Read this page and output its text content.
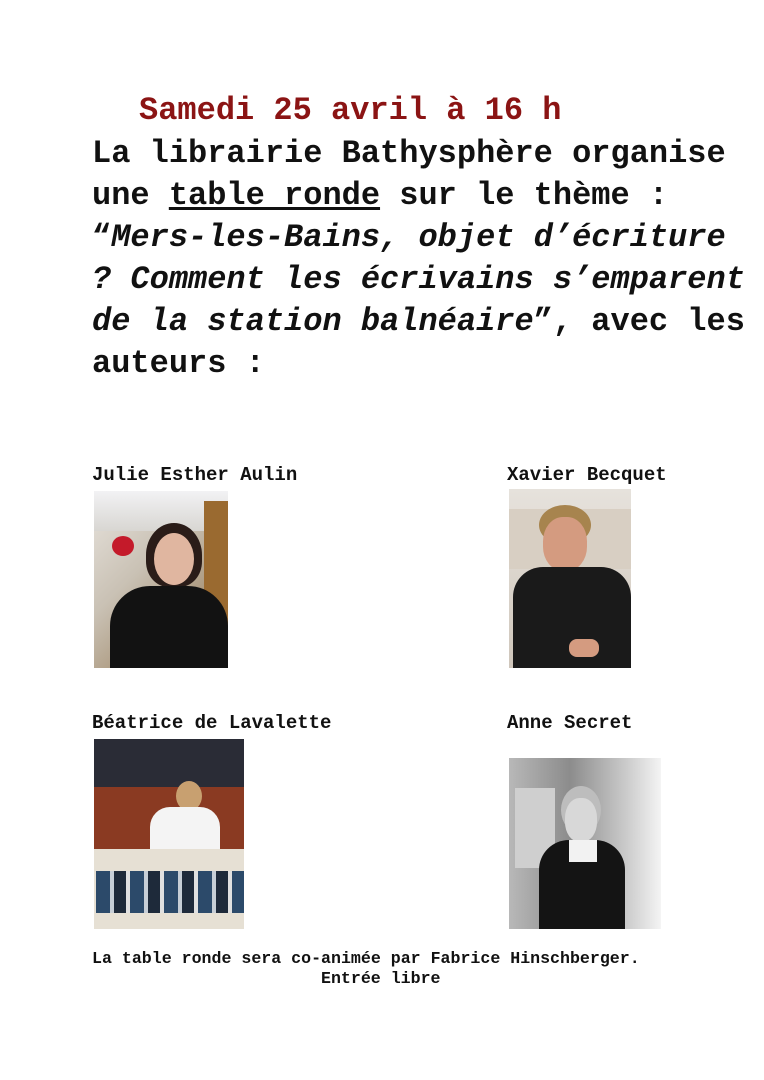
Samedi 25 avril à 16 h
La librairie Bathysphère organise une table ronde sur le thème : “Mers-les-Bains, objet d’écriture ? Comment les écrivains s’emparent de la station balnéaire”, avec les auteurs :
Julie Esther Aulin	Xavier Becquet
Béatrice de Lavalette	Anne Secret
La table ronde sera co-animée par Fabrice Hinschberger.
Entrée libre
